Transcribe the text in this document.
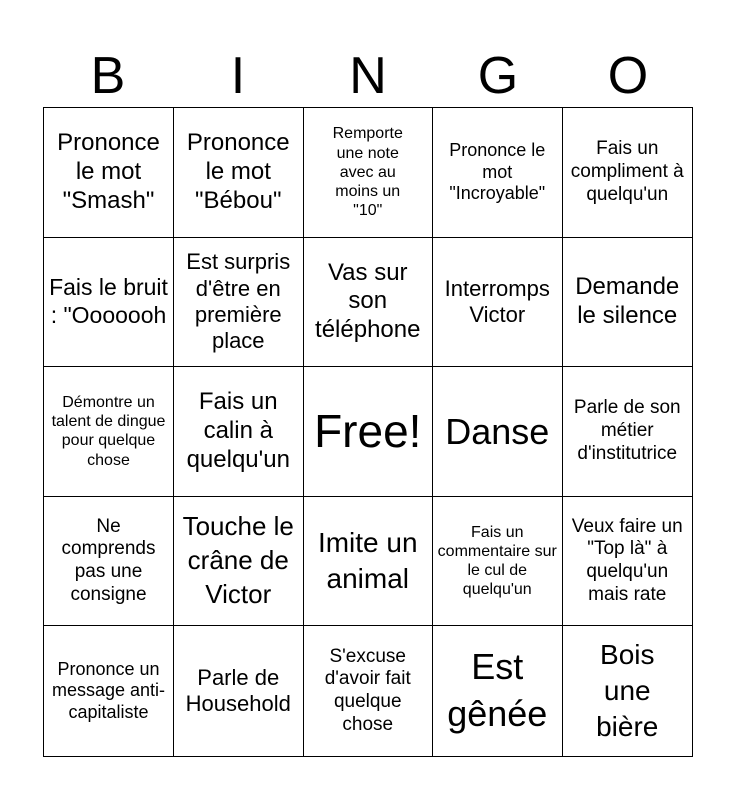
B	I	N	G	O
Prononce le mot "Smash"
Prononce le mot "Bébou"
Remporte une note avec au moins un "10"
Prononce le mot "Incroyable"
Fais un compliment à quelqu'un
Fais le bruit : "Ooooooh
Est surpris d'être en première place
Vas sur son téléphone
Interromps Victor
Demande le silence
Démontre un talent de dingue pour quelque chose
Fais un calin à quelqu'un
Free! Danse
Parle de son métier d'institutrice
Ne comprends pas une consigne
Touche le crâne de Victor
Imite un animal
Fais un commentaire sur le cul de quelqu'un
Veux faire un "Top là" à quelqu'un mais rate
Prononce un message anti-capitaliste
Parle de Household
S'excuse d'avoir fait quelque chose
Est gênée
Bois une bière
